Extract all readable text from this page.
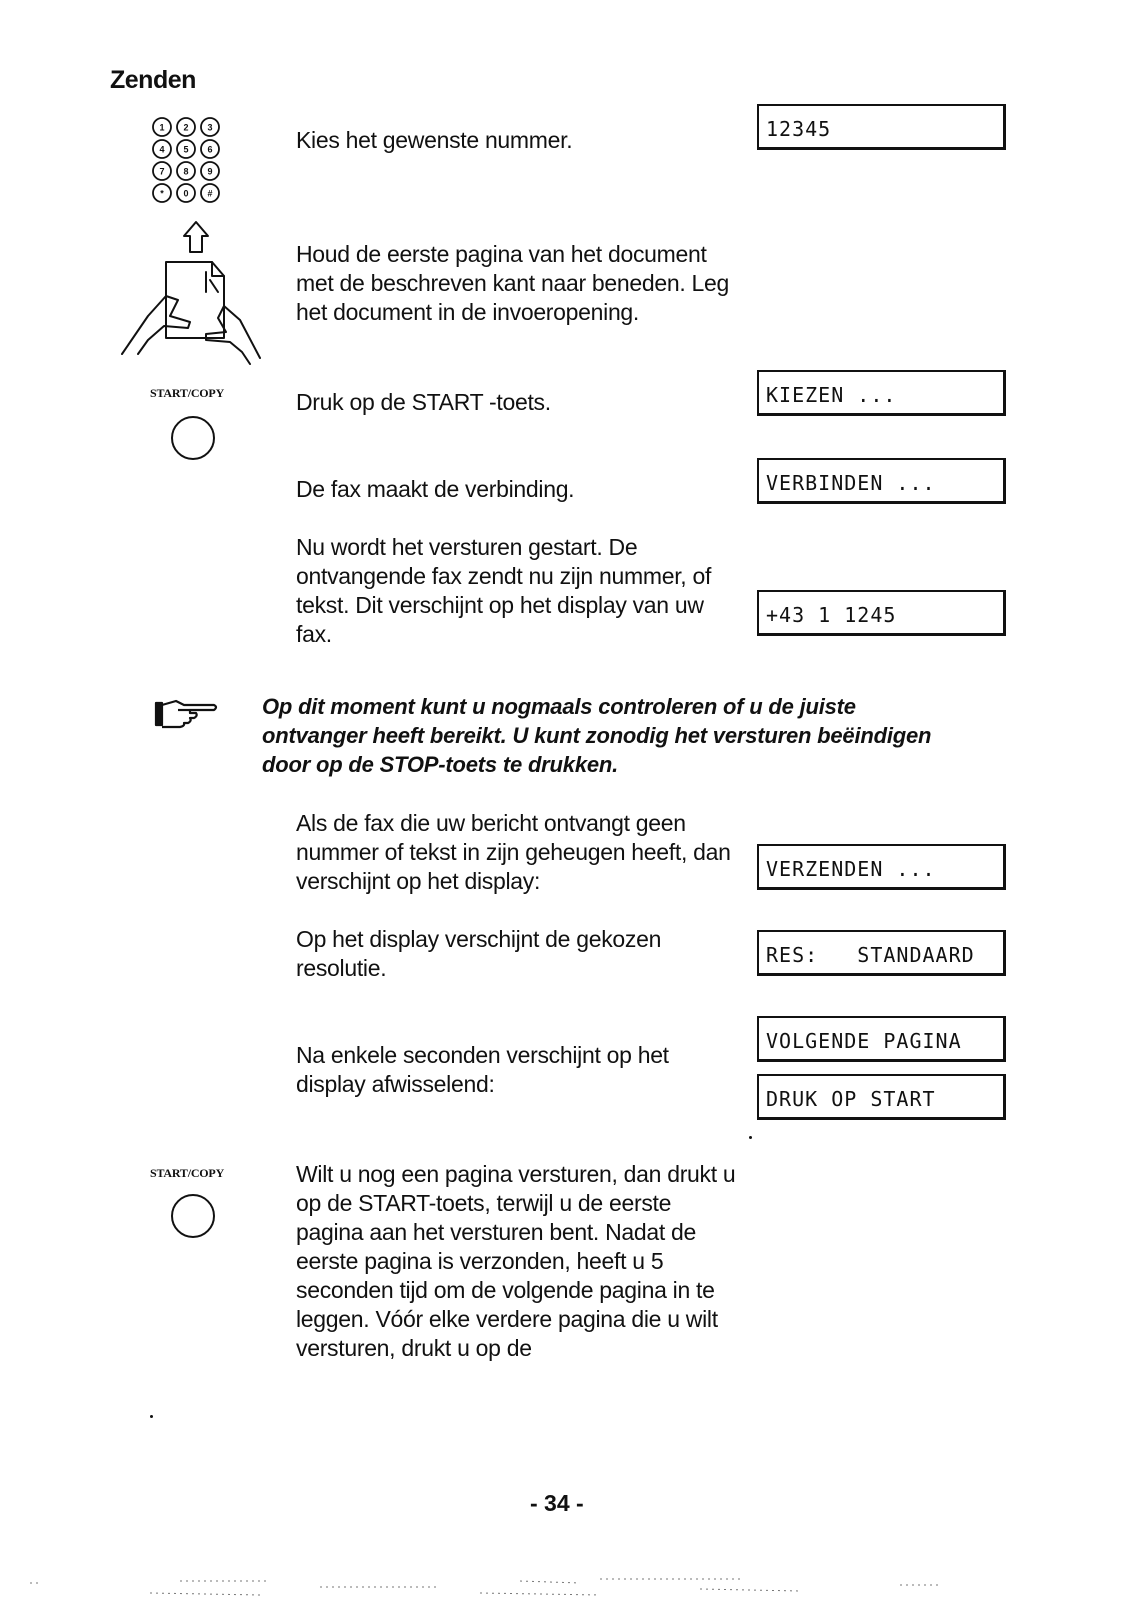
Zenden
1 2 3
4 5 6
7 8 9
* 0 #
Kies het gewenste nummer.	12345
Houd de eerste pagina van het document met de beschreven kant naar beneden. Leg het document in de invoeropening.
START/COPY	Druk op de START -toets.	KIEZEN ...
De fax maakt de verbinding.	VERBINDEN ...
Nu wordt het versturen gestart. De ontvangende fax zendt nu zijn nummer, of tekst. Dit verschijnt op het display van uw fax.
+43 1 1245
Op dit moment kunt u nogmaals controleren of u de juiste ontvanger heeft bereikt. U kunt zonodig het versturen beëindigen door op de STOP-toets te drukken.
Als de fax die uw bericht ontvangt geen nummer of tekst in zijn geheugen heeft, dan verschijnt op het display:	VERZENDEN ...
Op het display verschijnt de gekozen resolutie.	RES:   STANDAARD
Na enkele seconden verschijnt op het display afwisselend:
VOLGENDE PAGINA
DRUK OP START
START/COPY	Wilt u nog een pagina versturen, dan drukt u op de START-toets, terwijl u de eerste pagina aan het versturen bent. Nadat de eerste pagina is verzonden, heeft u 5 seconden tijd om de volgende pagina in te leggen. Vóór elke verdere pagina die u wilt versturen, drukt u op de
- 34 -
